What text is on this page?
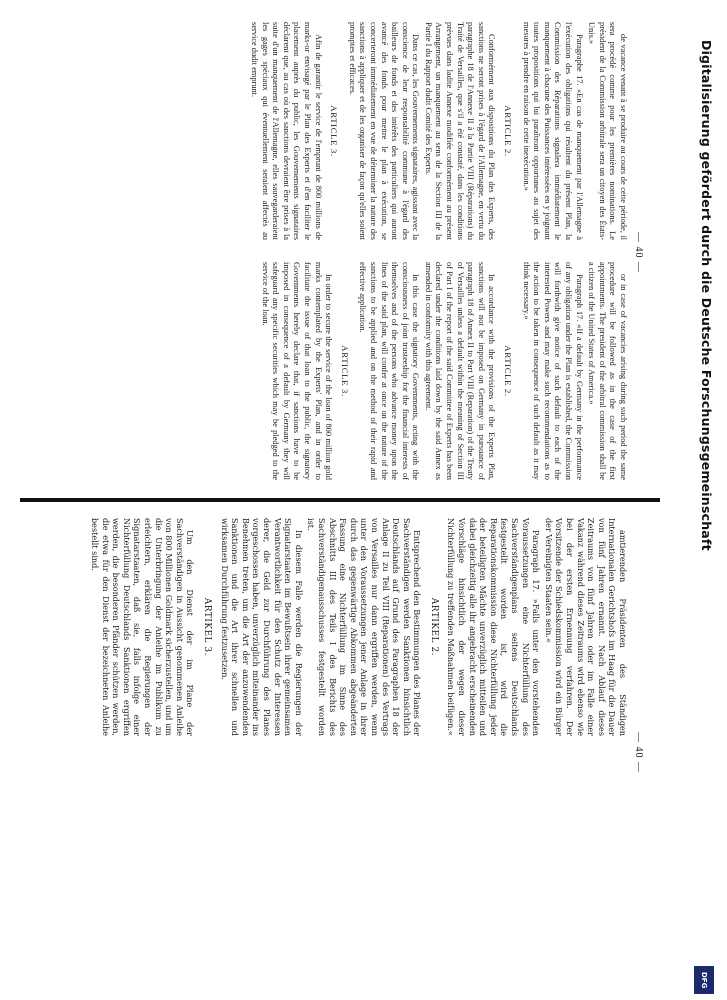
— 40 —
— 40 —

de vacance venant à se produire au cours de cette période, il sera procédé comme pour les premières nominations. Le président de la Commission arbitrale sera un citoyen des États-Unis.»

Paragraphe 17. «En cas de manquement par l'Allemagne à l'exécution des obligations qui résultent du présent Plan, la Commission des Réparations signalera immédiatement le manquement à chacune des Puissances intéressées en y joignant toutes propositions qui lui paraîtront opportunes au sujet des mesures à prendre en raison de cette inexécution.»

ARTICLE 2.

Conformément aux dispositions du Plan des Experts, des sanctions ne seront prises à l'égard de l'Allemagne, en vertu du paragraphe 18 de l'Annexe II à la Partie VIII (Réparations) du Traité de Versailles, que s'il a été constaté, dans les conditions prévues dans ladite Annexe modifiée conformément au présent Arrangement, un manquement au sens de la Section III de la Partie I du Rapport dudit Comité des Experts.

Dans ce cas, les Gouvernements signataires, agissant avec la conscience de leur responsabilité commune à l'égard des bailleurs de fonds et des intérêts des particuliers qui auront avancé des fonds pour mettre le plan à exécution, se concerteront immédiatement en vue de déterminer la nature des sanctions à appliquer et de les organiser de façon qu'elles soient promptes et efficaces.

ARTICLE 3.

Afin de garantir le service de l'emprunt de 800 millions de marks-or envisagé par le Plan des Experts et d'en faciliter le placement auprès du public, les Gouvernements signataires déclarent que, au cas où des sanctions devraient être prises à la suite d'un manquement de l'Allemagne, elles sauvegarderaient les gages spéciaux qui éventuellement seraient affectés au service dudit emprunt.

or in case of vacancies arising during such period the same procedure will be followed as in the case of the first appointments. The president of the arbitral commission shall be a citizen of the United States of America.»

Paragraph 17. «If a default by Germany in the performance of any obligation under the Plan is established, the Commission will forthwith give notice of such default to each of the interested Powers and may make such recommendations as to the action to be taken in consequence of such default as it may think necessary.»

ARTICLE 2.

In accordance with the provisions of the Experts Plan, sanctions will not be imposed on Germany in pursuance of paragraph 18 of Annex II to Part VIII (Reparation) of the Treaty of Versailles unless a default within the meaning of Section III of Part I of the report of the said Committee of Experts has been declared under the conditions laid down by the said Annex as amended in conformity with this agreement.

In this case the signatory Governments, acting with the consciousness of joint trusteeship for the financial interests of themselves and of the persons who advance money upon the lines of the said plan, will confer at once on the nature of the sanctions to be applied and on the method of their rapid and effective application.

ARTICLE 3.

In order to secure the service of the loan of 800 million gold marks contemplated by the Experts' Plan, and in order to facilitate the issue of that loan to the public, the signatory Governments hereby declare that, if sanctions have to be imposed in consequence of a default by Germany they will safeguard any specific securities which may be pledged to the service of the loan.

amtierenden Präsidenten des Ständigen Internationalen Gerichtshofs im Haag für die Dauer von fünf Jahren ernannt. Nach Ablauf dieses Zeitraums von fünf Jahren oder im Falle einer Vakanz während dieses Zeitraums wird ebenso wie bei der ersten Ernennung verfahren. Der Vorsitzende der Schiedskommission wird ein Bürger der Vereinigten Staaten sein.«

Paragraph 17. »Falls unter den vorstehenden Voraussetzungen eine Nichterfüllung des Sachverständigenplans seitens Deutschlands festgestellt worden ist, wird die Reparationskommission diese Nichterfüllung jeder der beteiligten Mächte unverzüglich mitteilen und dabei gleichzeitig alle ihr angebracht erscheinenden Vorschläge hinsichtlich der wegen dieser Nichterfüllung zu treffenden Maßnahmen beifügen.«

ARTIKEL 2.

Entsprechend den Bestimmungen des Planes der Sachverständigen werden Sanktionen hinsichtlich Deutschlands auf Grund des Paragraphen 18 der Anlage II zu Teil VIII (Reparationen) des Vertrags von Versailles nur dann ergriffen werden, wenn unter den Voraussetzungen jener Anlage in ihrer durch das gegenwärtige Abkommen abgeänderten Fassung eine Nichterfüllung im Sinne des Abschnitts III des Teils I des Berichts des Sachverständigenausschusses festgestellt worden ist.

In diesem Falle werden die Regierungen der Signatarstaaten im Bewußtsein ihrer gemeinsamen Verantwortlichkeit für den Schutz der Interessen derer, die Geld zur Durchführung des Planes vorgeschossen haben, unverzüglich miteinander ins Benehmen treten, um die Art der anzuwendenden Sanktionen und die Art ihrer schnellen und wirksamen Durchführung festzusetzen.

ARTIKEL 3.

Um den Dienst der im Plane der Sachverständigen in Aussicht genommenen Anleihe von 800 Millionen Goldmark sicherzustellen, und um die Unterbringung der Anleihe im Publikum zu erleichtern, erklären die Regierungen der Signatarstaaten, daß sie, falls infolge einer Nichterfüllung Deutschlands Sanktionen ergriffen werden, die besonderen Pfänder schützen werden, die etwa für den Dienst der bezeichneten Anleihe bestellt sind.	Digitalisierung gefördert durch die Deutsche Forschungsgemeinschaft
DFG
